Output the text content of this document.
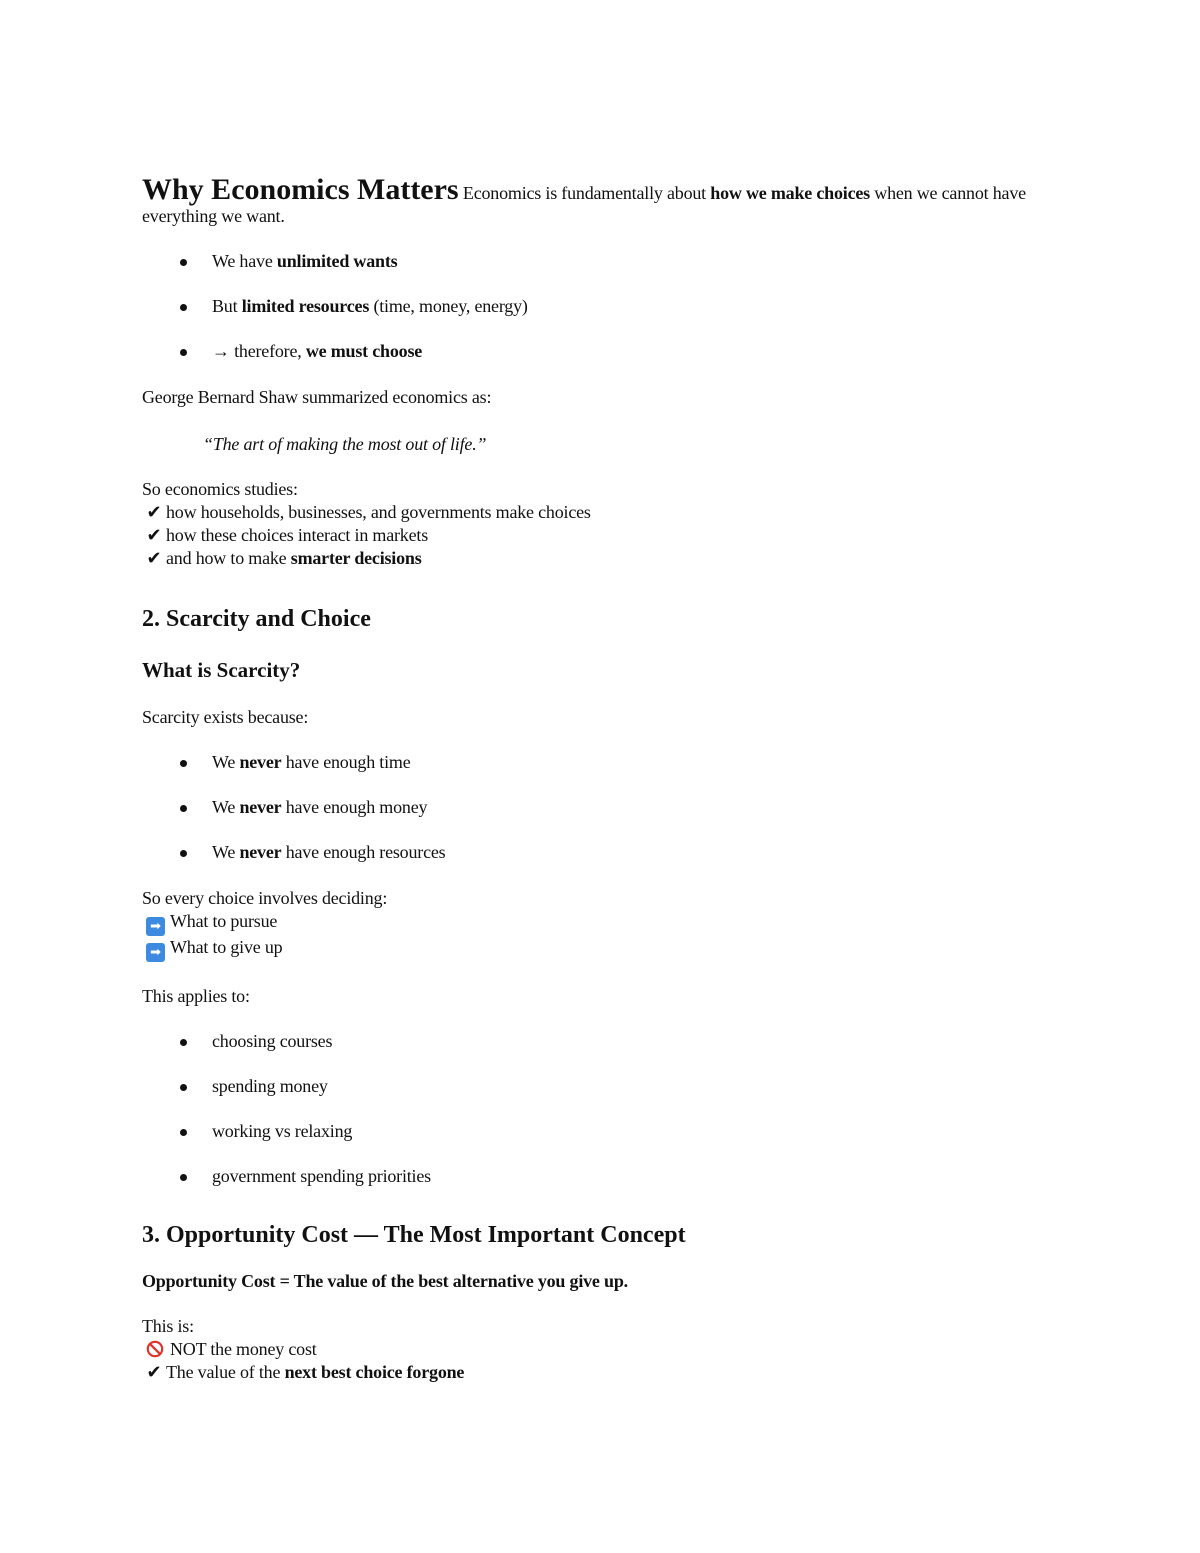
Why Economics Matters Economics is fundamentally about how we make choices when we cannot have everything we want.

We have unlimited wants
But limited resources (time, money, energy)
→ therefore, we must choose

George Bernard Shaw summarized economics as:

“The art of making the most out of life.”

So economics studies:

✔ how households, businesses, and governments make choices

✔ how these choices interact in markets

✔ and how to make smarter decisions

2. Scarcity and Choice
What is Scarcity?

Scarcity exists because:

We never have enough time
We never have enough money
We never have enough resources

So every choice involves deciding:

➡ What to pursue

➡ What to give up

This applies to:

choosing courses
spending money
working vs relaxing
government spending priorities
3. Opportunity Cost — The Most Important Concept

Opportunity Cost = The value of the best alternative you give up.

This is:

NOT the money cost

✔ The value of the next best choice forgone
